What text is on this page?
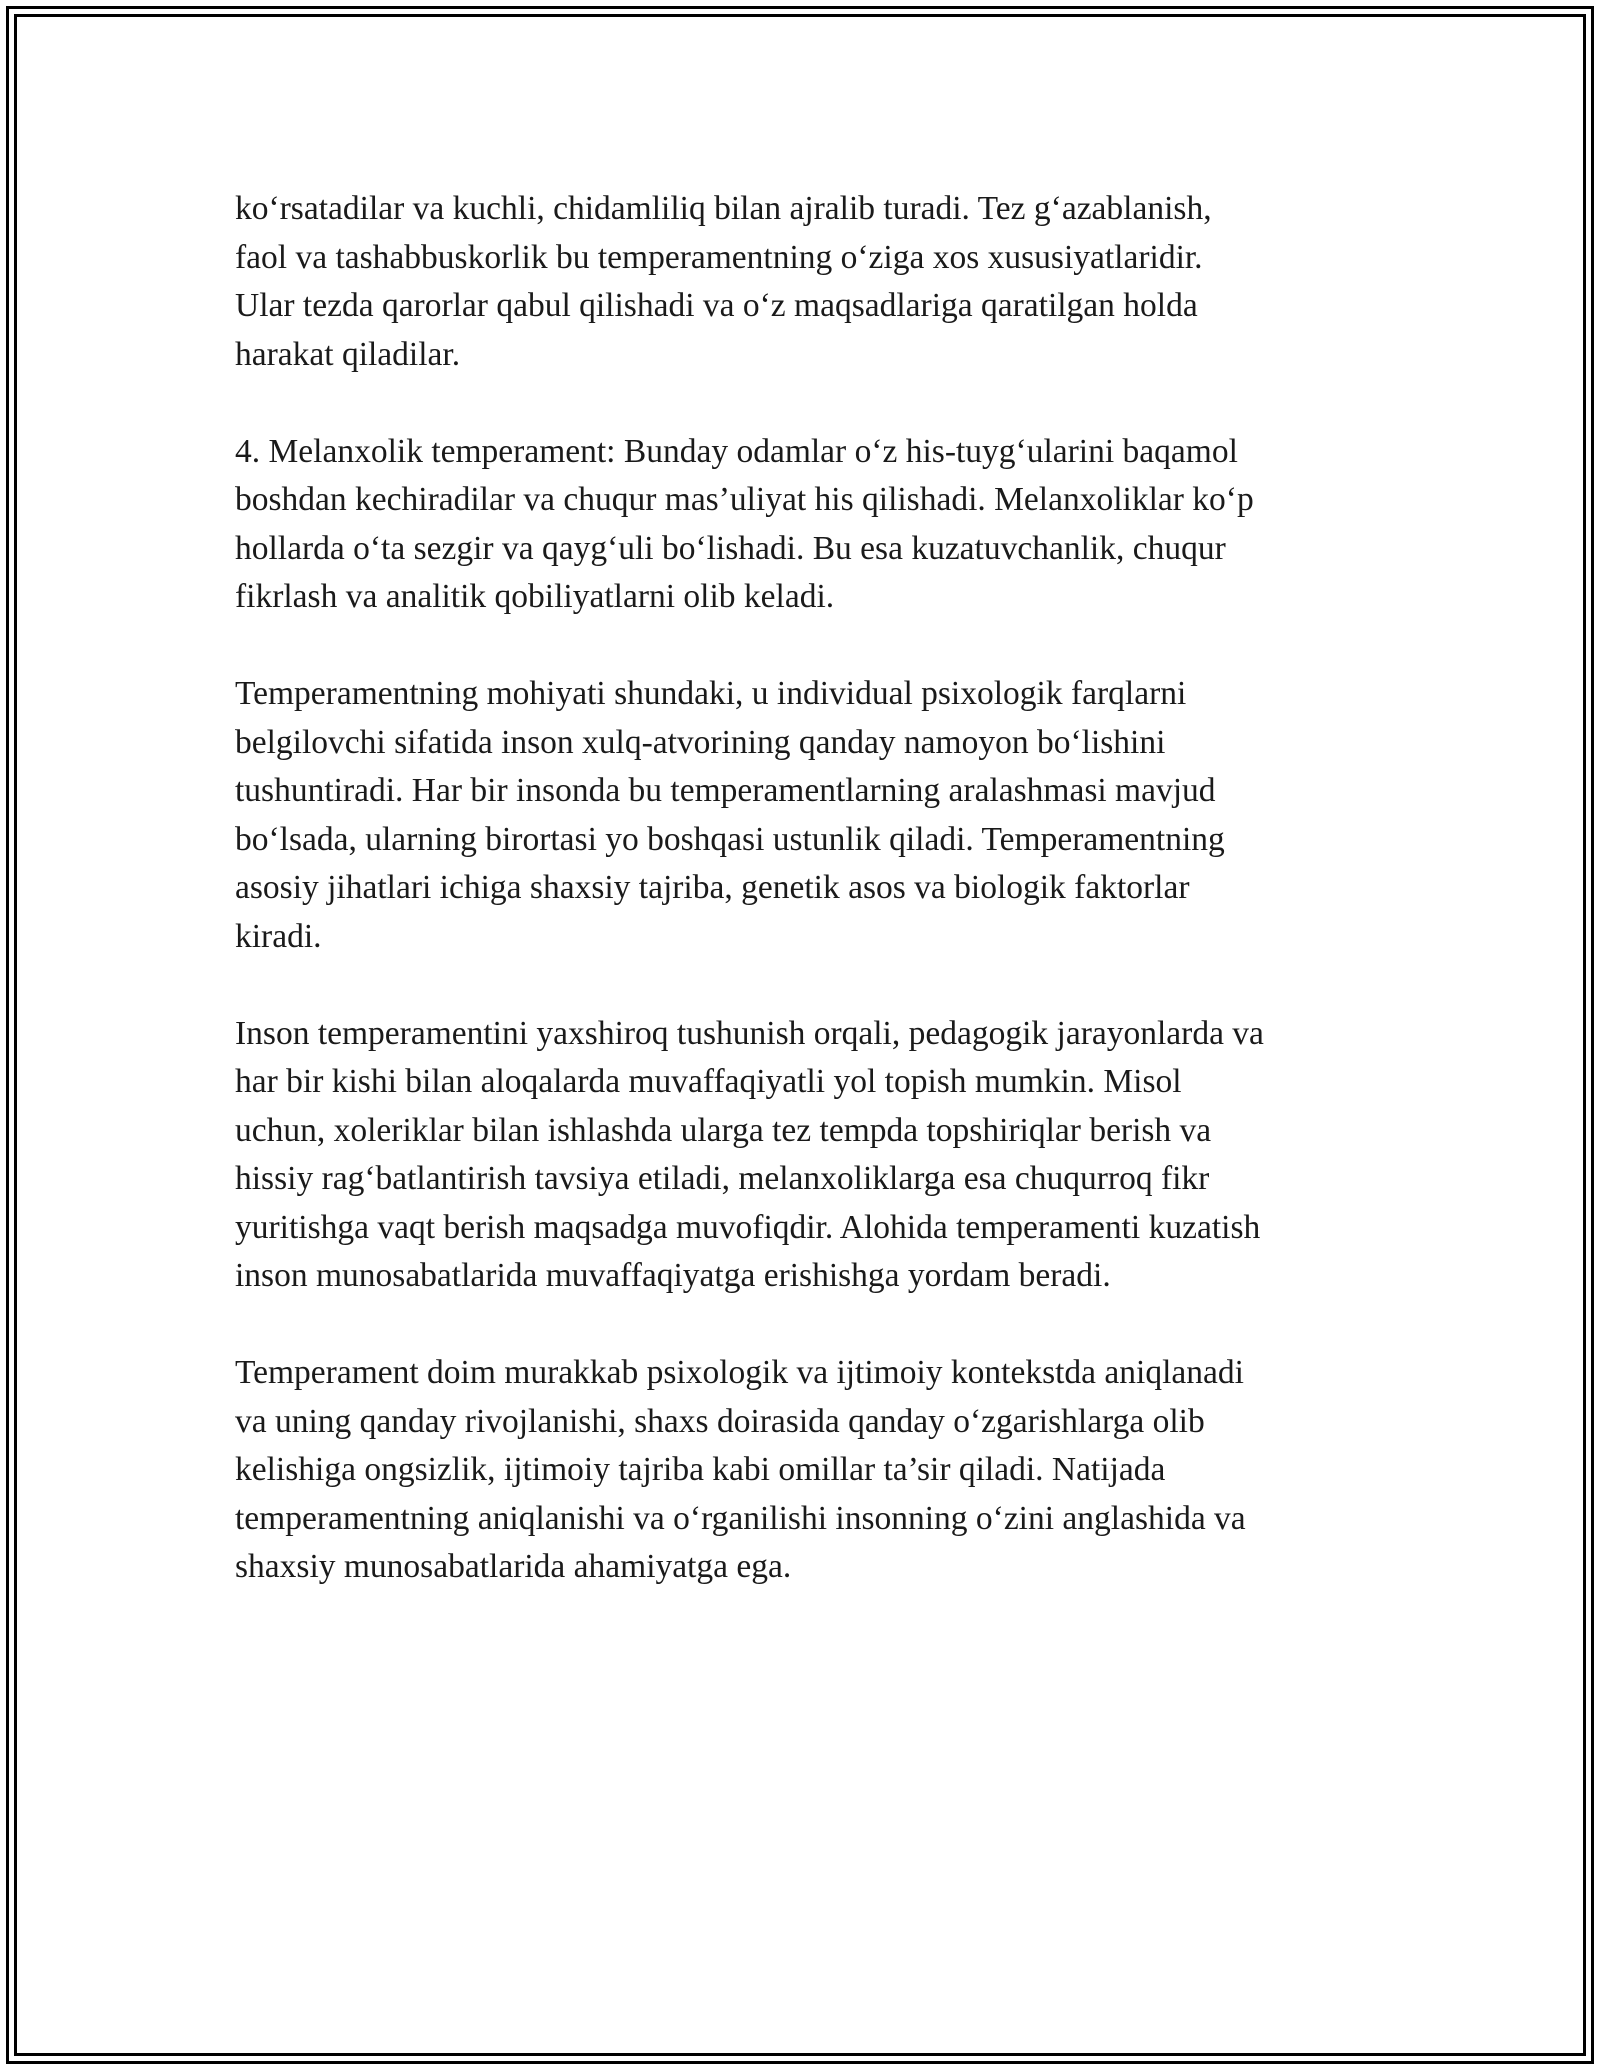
ko‘rsatadilar va kuchli, chidamliliq bilan ajralib turadi. Tez g‘azablanish,
faol va tashabbuskorlik bu temperamentning o‘ziga xos xususiyatlaridir.
Ular tezda qarorlar qabul qilishadi va o‘z maqsadlariga qaratilgan holda
harakat qiladilar.

4. Melanxolik temperament: Bunday odamlar o‘z his-tuyg‘ularini baqamol
boshdan kechiradilar va chuqur mas’uliyat his qilishadi. Melanxoliklar ko‘p
hollarda o‘ta sezgir va qayg‘uli bo‘lishadi. Bu esa kuzatuvchanlik, chuqur
fikrlash va analitik qobiliyatlarni olib keladi.

Temperamentning mohiyati shundaki, u individual psixologik farqlarni
belgilovchi sifatida inson xulq-atvorining qanday namoyon bo‘lishini
tushuntiradi. Har bir insonda bu temperamentlarning aralashmasi mavjud
bo‘lsada, ularning birortasi yo boshqasi ustunlik qiladi. Temperamentning
asosiy jihatlari ichiga shaxsiy tajriba, genetik asos va biologik faktorlar
kiradi.

Inson temperamentini yaxshiroq tushunish orqali, pedagogik jarayonlarda va
har bir kishi bilan aloqalarda muvaffaqiyatli yol topish mumkin. Misol
uchun, xoleriklar bilan ishlashda ularga tez tempda topshiriqlar berish va
hissiy rag‘batlantirish tavsiya etiladi, melanxoliklarga esa chuqurroq fikr
yuritishga vaqt berish maqsadga muvofiqdir. Alohida temperamenti kuzatish
inson munosabatlarida muvaffaqiyatga erishishga yordam beradi.

Temperament doim murakkab psixologik va ijtimoiy kontekstda aniqlanadi
va uning qanday rivojlanishi, shaxs doirasida qanday o‘zgarishlarga olib
kelishiga ongsizlik, ijtimoiy tajriba kabi omillar ta’sir qiladi. Natijada
temperamentning aniqlanishi va o‘rganilishi insonning o‘zini anglashida va
shaxsiy munosabatlarida ahamiyatga ega.
